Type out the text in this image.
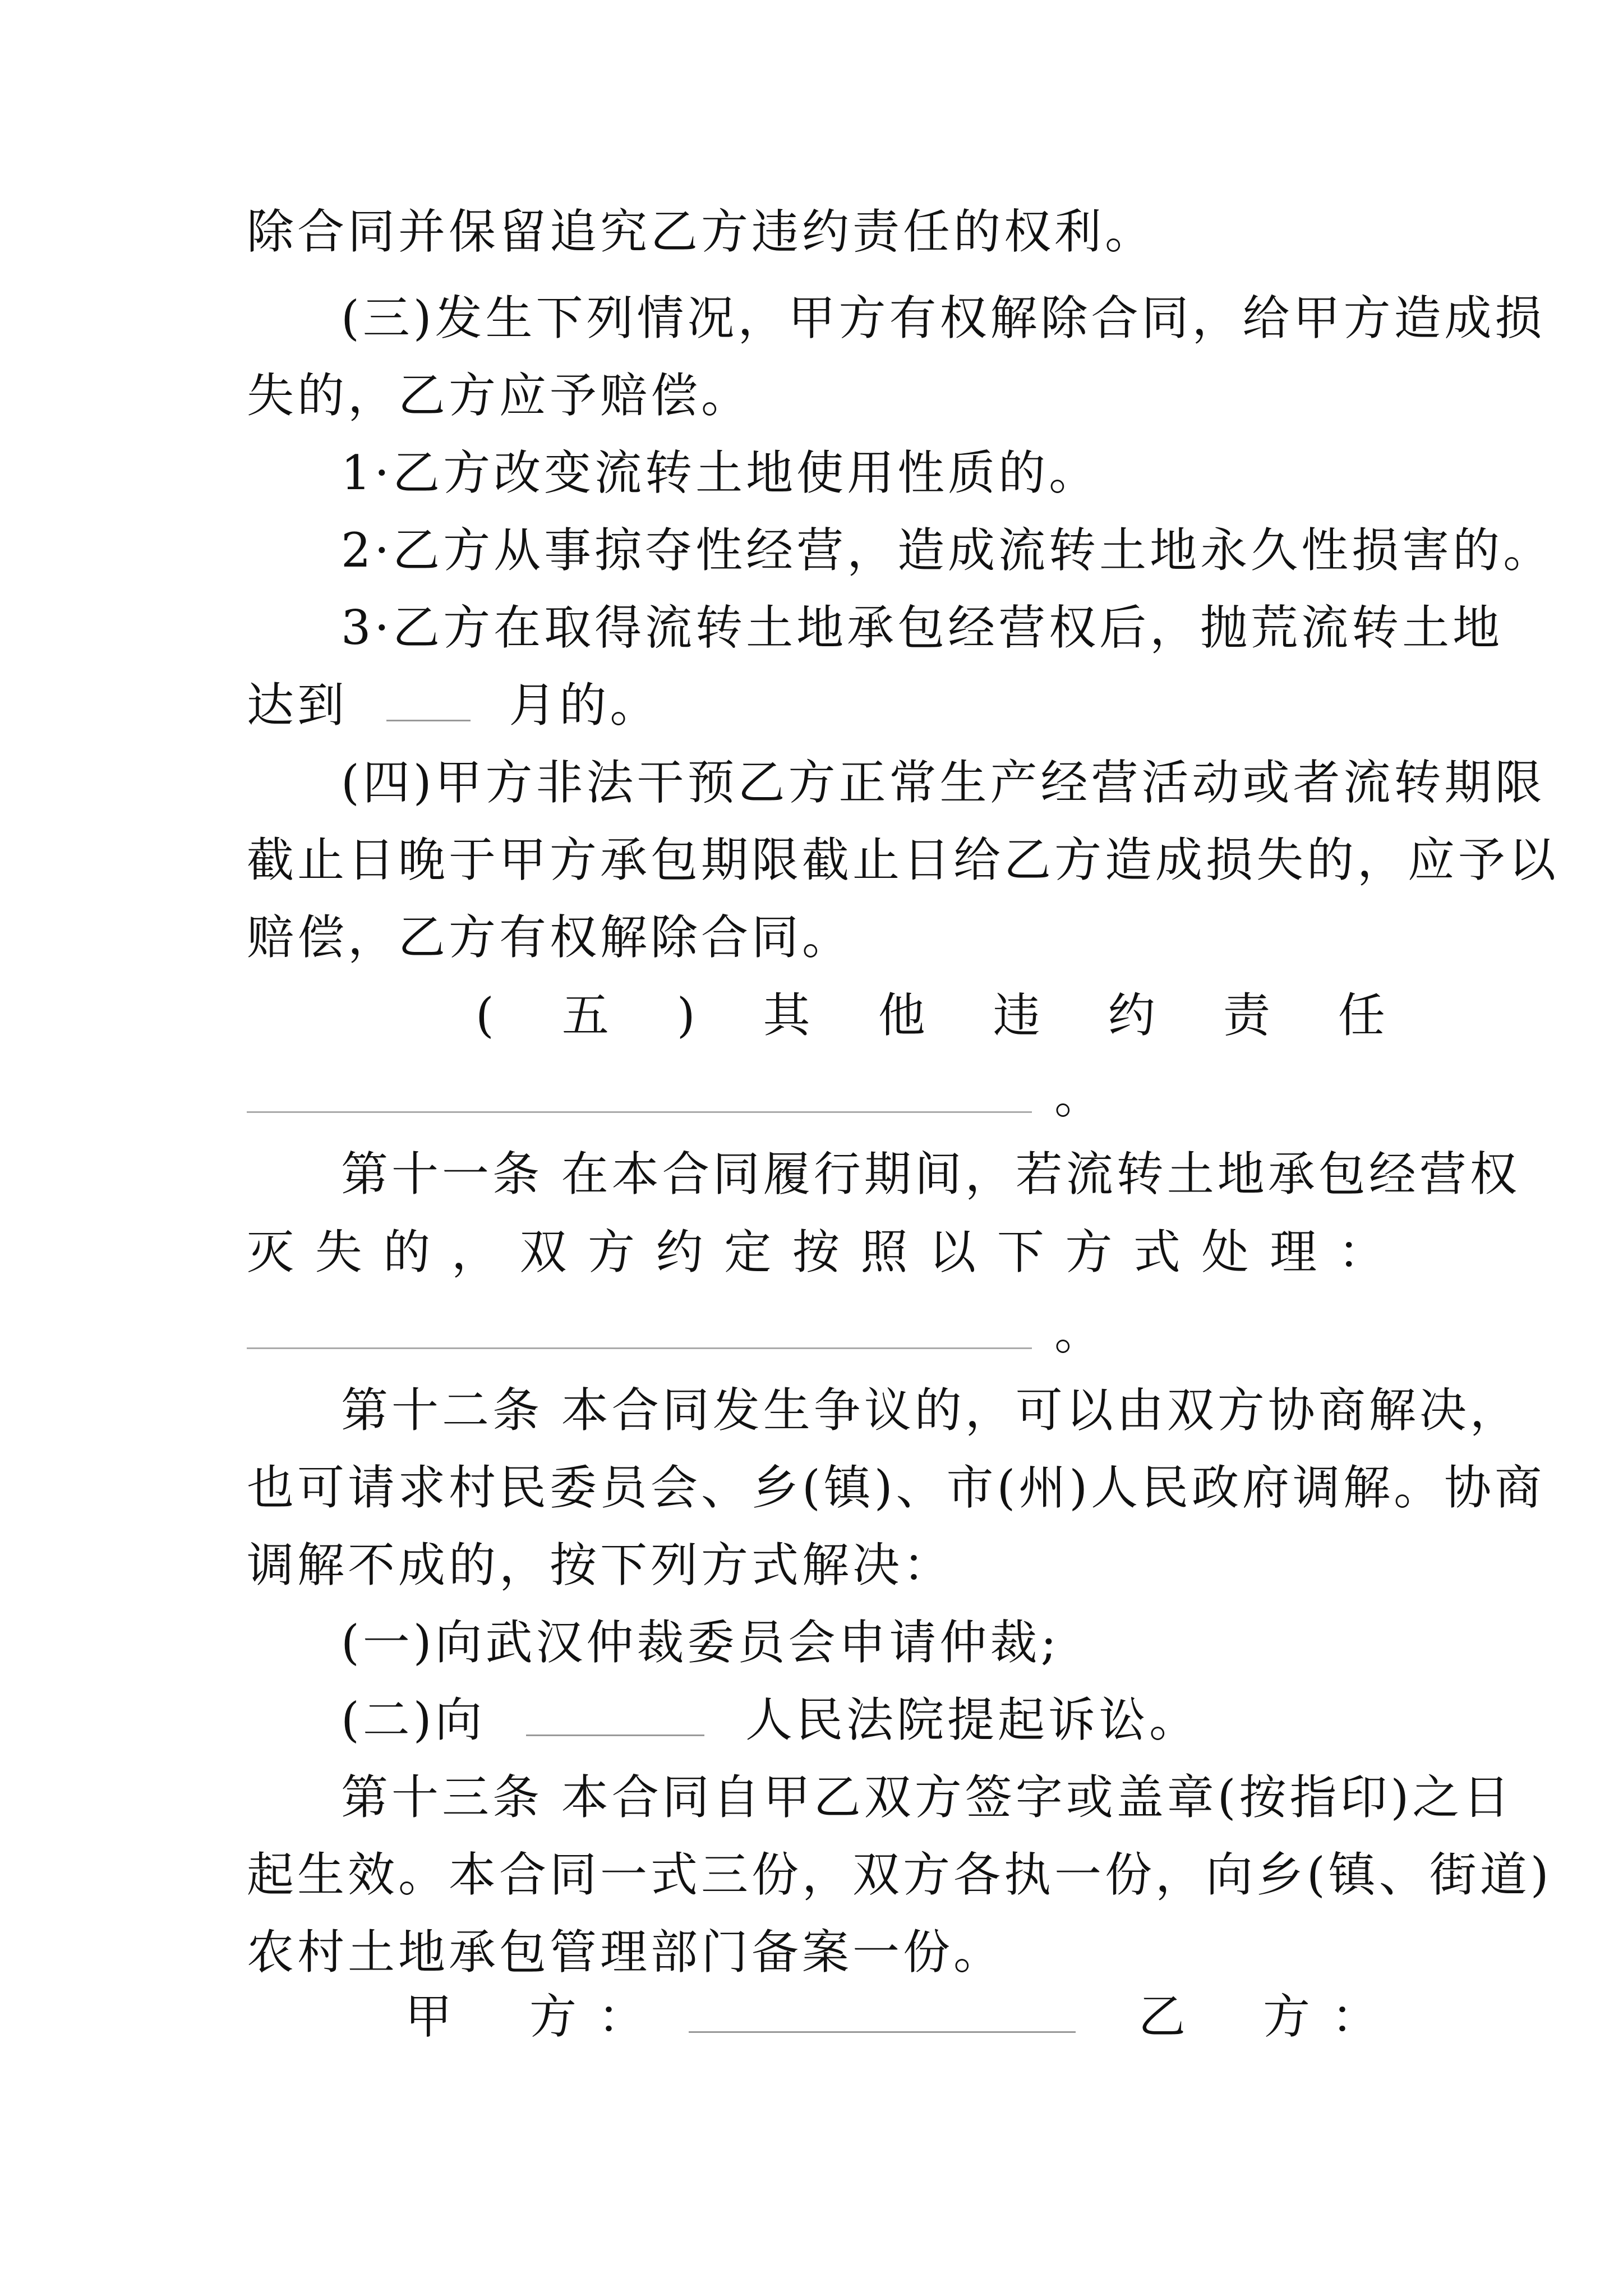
除合同并保留追究乙方违约责任的权利。
(三)发生下列情况，甲方有权解除合同，给甲方造成损
失的，乙方应予赔偿。
1·乙方改变流转土地使用性质的。
2·乙方从事掠夺性经营，造成流转土地永久性损害的。
3·乙方在取得流转土地承包经营权后，抛荒流转土地
达到	月的。
(四)甲方非法干预乙方正常生产经营活动或者流转期限
截止日晚于甲方承包期限截止日给乙方造成损失的，应予以
赔偿，乙方有权解除合同。
( 五 ) 其 他 违 约 责 任
。
第十一条 在本合同履行期间，若流转土地承包经营权
灭 失 的 ， 双 方 约 定 按 照 以 下 方 式 处 理 ：
。
第十二条 本合同发生争议的，可以由双方协商解决，
也可请求村民委员会、乡(镇)、市(州)人民政府调解。协商
调解不成的，按下列方式解决：
(一)向武汉仲裁委员会申请仲裁;
(二)向	人民法院提起诉讼。
第十三条 本合同自甲乙双方签字或盖章(按指印)之日
起生效。本合同一式三份，双方各执一份，向乡(镇、街道)
农村土地承包管理部门备案一份。
甲 方 ：	乙 方 ：
